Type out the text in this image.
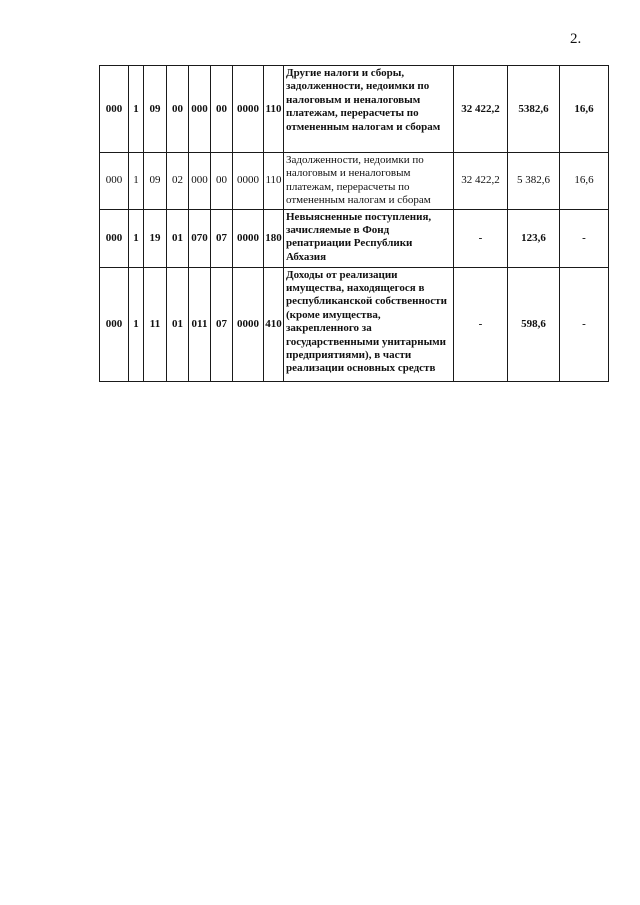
2.
000	1	09	00	000	00	0000	110	Другие налоги и сборы, задолженности, недоимки по налоговым и неналоговым платежам, перерасчеты по отмененным налогам и сборам	32 422,2	5382,6	16,6
000	1	09	02	000	00	0000	110	Задолженности, недоимки по налоговым и неналоговым платежам, перерасчеты по отмененным налогам и сборам	32 422,2	5 382,6	16,6
000	1	19	01	070	07	0000	180	Невыясненные поступления, зачисляемые в Фонд репатриации Республики Абхазия	-	123,6	-
000	1	11	01	011	07	0000	410	Доходы от реализации имущества, находящегося в республиканской собственности (кроме имущества, закрепленного за государственными унитарными предприятиями), в части реализации основных средств	-	598,6	-
